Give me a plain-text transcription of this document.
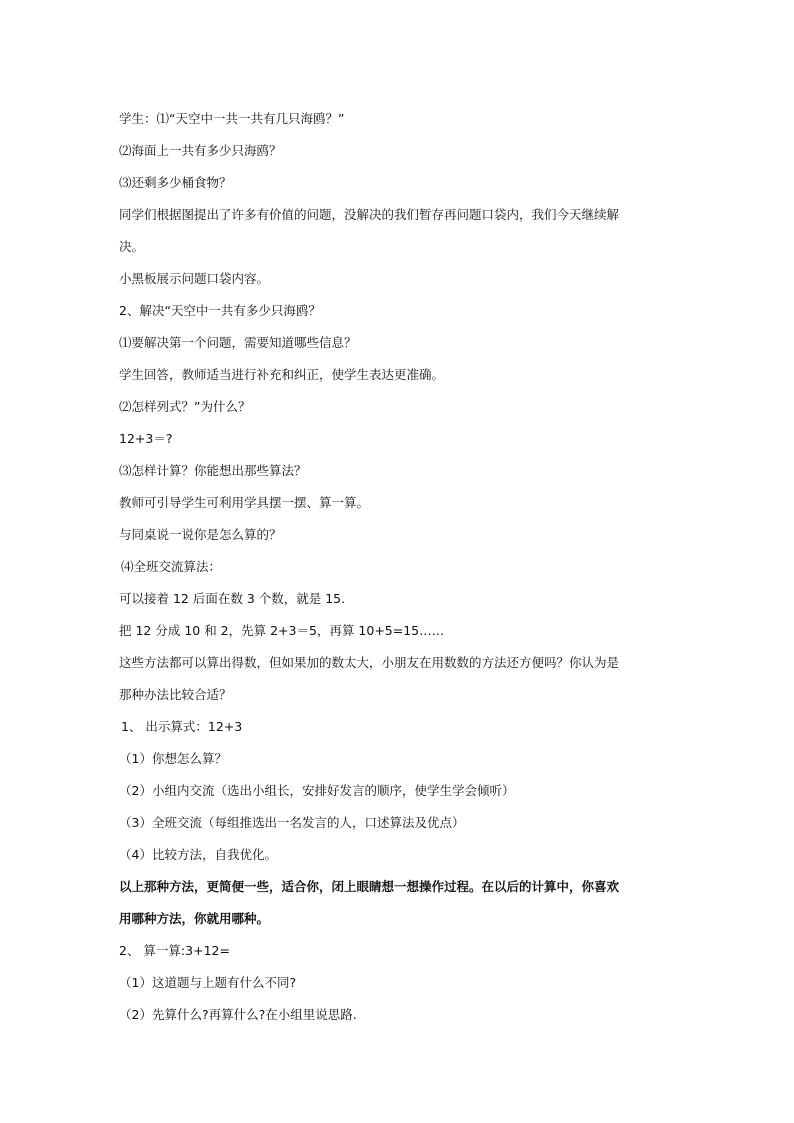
学生：⑴“天空中一共一共有几只海鸥？”
⑵海面上一共有多少只海鸥？
⑶还剩多少桶食物？
同学们根据图提出了许多有价值的问题，没解决的我们暂存再问题口袋内，我们今天继续解
决。
小黑板展示问题口袋内容。
2、解决“天空中一共有多少只海鸥？
⑴要解决第一个问题，需要知道哪些信息？
学生回答，教师适当进行补充和纠正，使学生表达更准确。
⑵怎样列式？”为什么？
12+3＝?
⑶怎样计算？你能想出那些算法？
教师可引导学生可利用学具摆一摆、算一算。
与同桌说一说你是怎么算的？
⑷全班交流算法：
可以接着 12 后面在数 3 个数，就是 15.
把 12 分成 10 和 2，先算 2+3＝5，再算 10+5=15……
这些方法都可以算出得数，但如果加的数太大，小朋友在用数数的方法还方便吗？你认为是
那种办法比较合适？
1、 出示算式：12+3
（1）你想怎么算？
（2）小组内交流（选出小组长，安排好发言的顺序，使学生学会倾听）
（3）全班交流（每组推选出一名发言的人，口述算法及优点）
（4）比较方法，自我优化。
以上那种方法，更简便一些，适合你，闭上眼睛想一想操作过程。在以后的计算中，你喜欢
用哪种方法，你就用哪种。
2、 算一算:3+12=
（1）这道题与上题有什么不同?
（2）先算什么?再算什么?在小组里说思路.
